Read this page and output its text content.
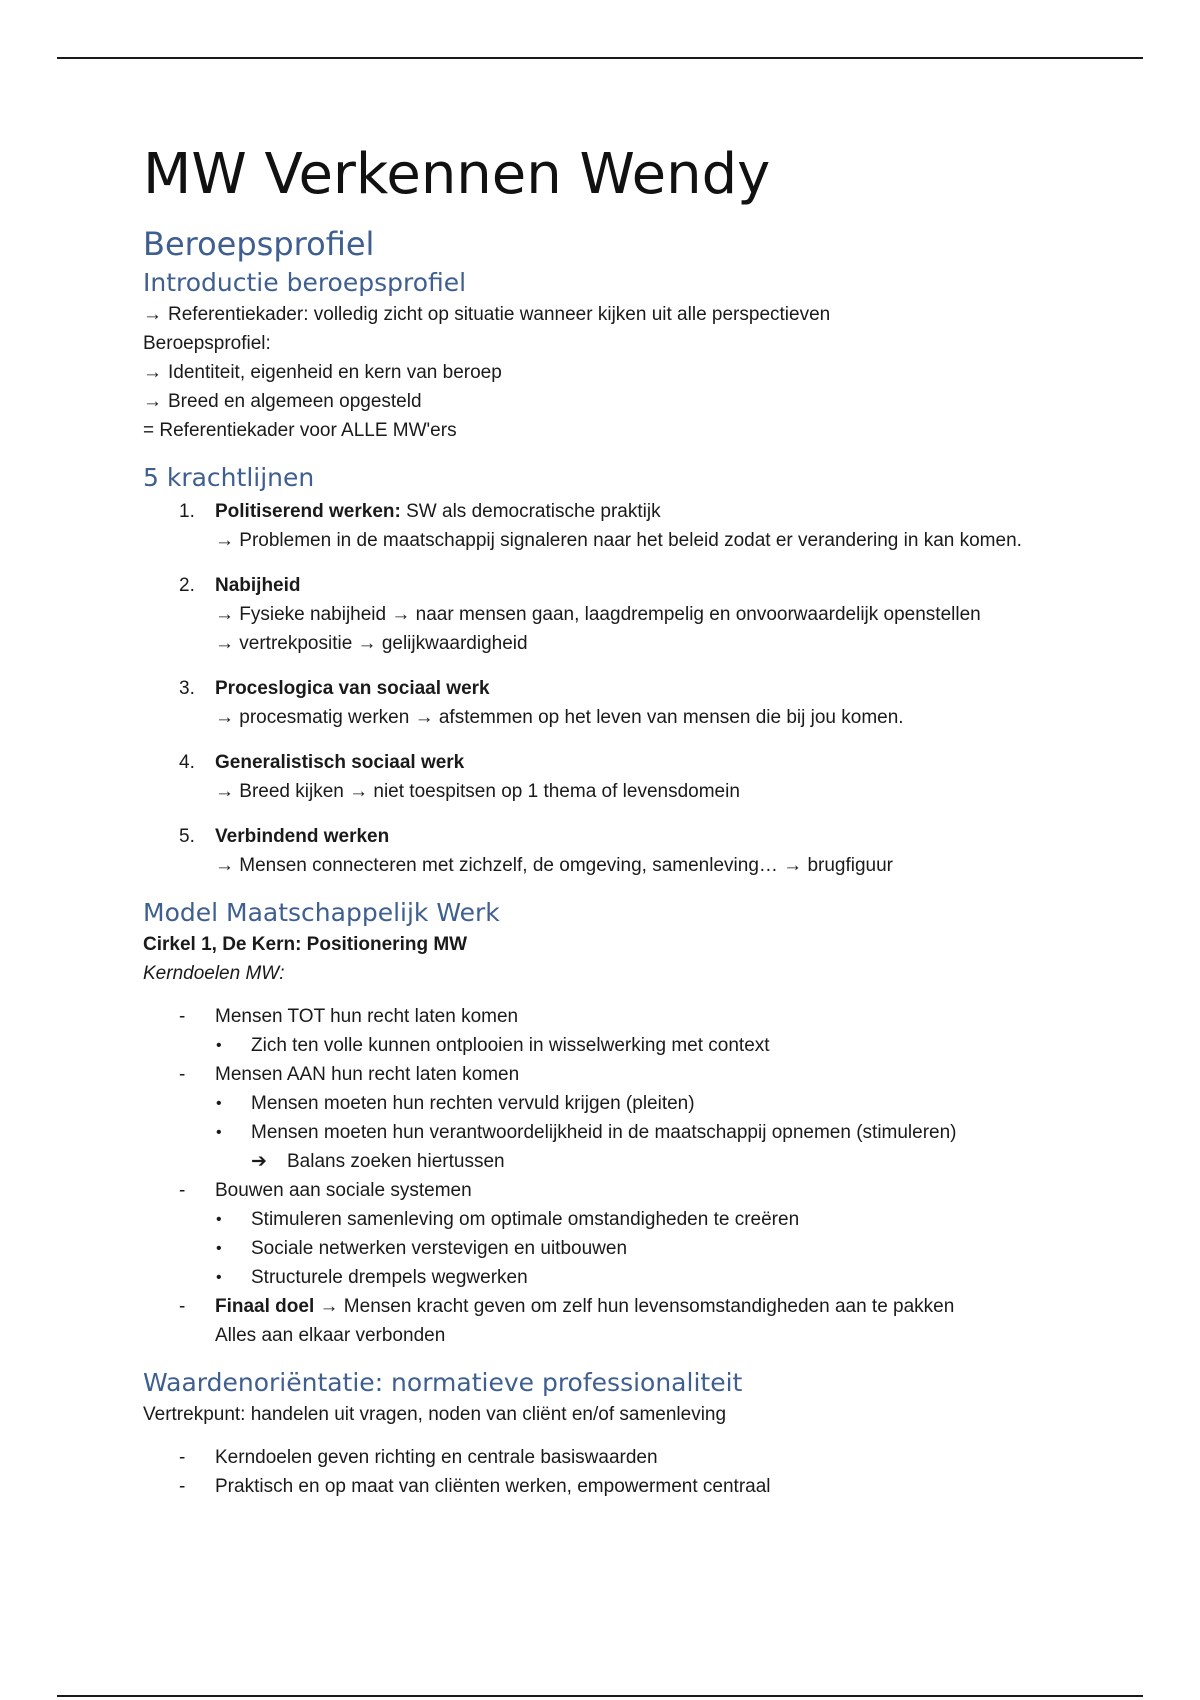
MW Verkennen Wendy
Beroepsprofiel
Introductie beroepsprofiel

→ Referentiekader: volledig zicht op situatie wanneer kijken uit alle perspectieven

Beroepsprofiel:

→ Identiteit, eigenheid en kern van beroep

→ Breed en algemeen opgesteld

= Referentiekader voor ALLE MW'ers

5 krachtlijnen
1. Politiserend werken: SW als democratische praktijk

→ Problemen in de maatschappij signaleren naar het beleid zodat er verandering in kan komen.

2. Nabijheid

→ Fysieke nabijheid → naar mensen gaan, laagdrempelig en onvoorwaardelijk openstellen

→ vertrekpositie → gelijkwaardigheid

3. Proceslogica van sociaal werk

→ procesmatig werken → afstemmen op het leven van mensen die bij jou komen.

4. Generalistisch sociaal werk

→ Breed kijken → niet toespitsen op 1 thema of levensdomein

5. Verbindend werken

→ Mensen connecteren met zichzelf, de omgeving, samenleving… → brugfiguur

Model Maatschappelijk Werk

Cirkel 1, De Kern: Positionering MW

Kerndoelen MW:

- Mensen TOT hun recht laten komen
• Zich ten volle kunnen ontplooien in wisselwerking met context
- Mensen AAN hun recht laten komen
• Mensen moeten hun rechten vervuld krijgen (pleiten)
• Mensen moeten hun verantwoordelijkheid in de maatschappij opnemen (stimuleren)
➔ Balans zoeken hiertussen
- Bouwen aan sociale systemen
• Stimuleren samenleving om optimale omstandigheden te creëren
• Sociale netwerken verstevigen en uitbouwen
• Structurele drempels wegwerken
- Finaal doel → Mensen kracht geven om zelf hun levensomstandigheden aan te pakken
Alles aan elkaar verbonden
Waardenoriëntatie: normatieve professionaliteit

Vertrekpunt: handelen uit vragen, noden van cliënt en/of samenleving

- Kerndoelen geven richting en centrale basiswaarden
- Praktisch en op maat van cliënten werken, empowerment centraal
